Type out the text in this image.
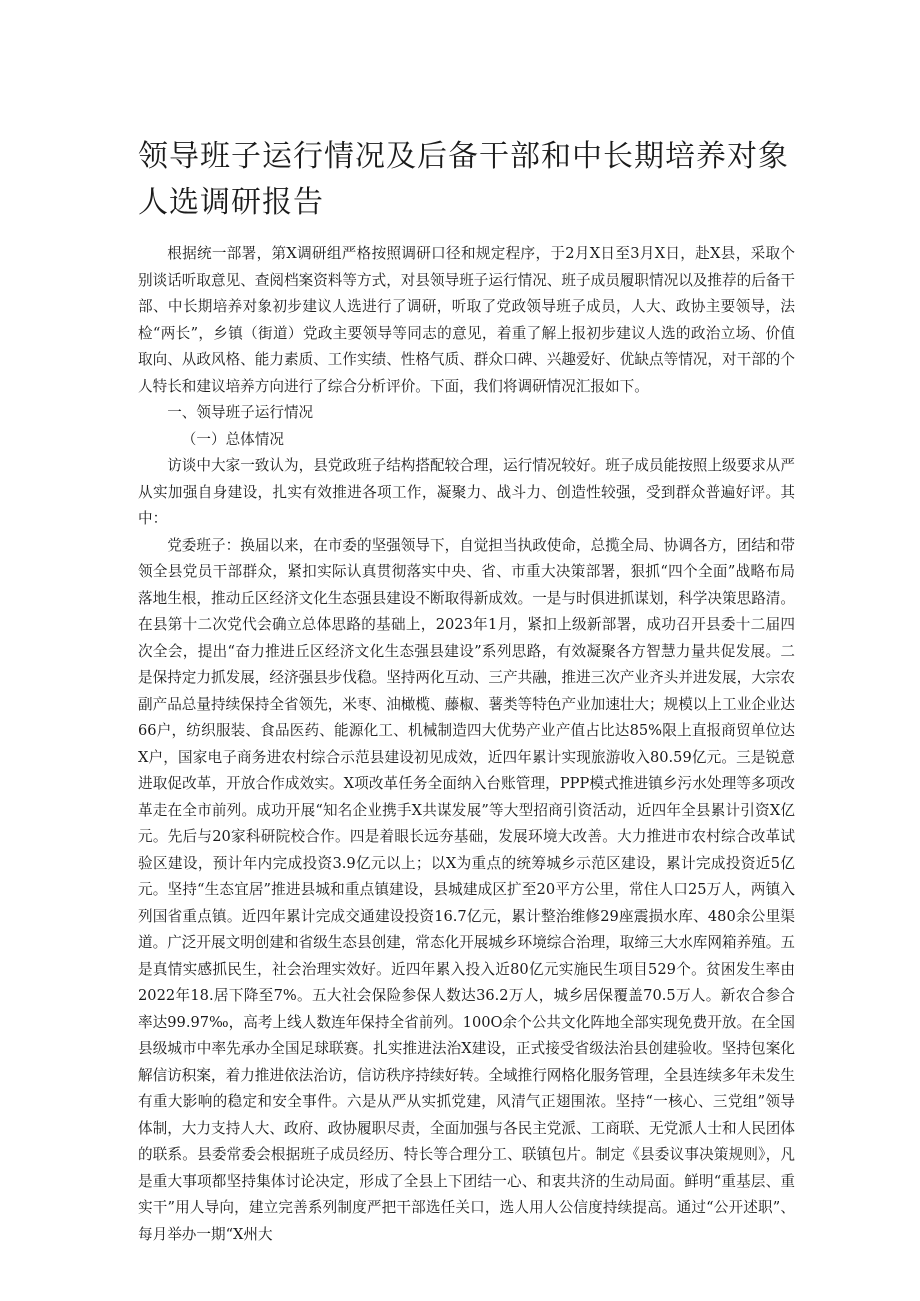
领导班子运行情况及后备干部和中长期培养对象人选调研报告

根据统一部署，第X调研组严格按照调研口径和规定程序，于2月X日至3月X日，赴X县，采取个别谈话听取意见、查阅档案资料等方式，对县领导班子运行情况、班子成员履职情况以及推荐的后备干部、中长期培养对象初步建议人选进行了调研，听取了党政领导班子成员，人大、政协主要领导，法检“两长”，乡镇（街道）党政主要领导等同志的意见，着重了解上报初步建议人选的政治立场、价值取向、从政风格、能力素质、工作实绩、性格气质、群众口碑、兴趣爱好、优缺点等情况，对干部的个人特长和建议培养方向进行了综合分析评价。下面，我们将调研情况汇报如下。

一、领导班子运行情况

（一）总体情况

访谈中大家一致认为，县党政班子结构搭配较合理，运行情况较好。班子成员能按照上级要求从严从实加强自身建设，扎实有效推进各项工作，凝聚力、战斗力、创造性较强，受到群众普遍好评。其中：

党委班子：换届以来，在市委的坚强领导下，自觉担当执政使命，总揽全局、协调各方，团结和带领全县党员干部群众，紧扣实际认真贯彻落实中央、省、市重大决策部署，狠抓“四个全面”战略布局落地生根，推动丘区经济文化生态强县建设不断取得新成效。一是与时俱进抓谋划，科学决策思路清。在县第十二次党代会确立总体思路的基础上，2023年1月，紧扣上级新部署，成功召开县委十二届四次全会，提出“奋力推进丘区经济文化生态强县建设”系列思路，有效凝聚各方智慧力量共促发展。二是保持定力抓发展，经济强县步伐稳。坚持两化互动、三产共融，推进三次产业齐头并进发展，大宗农副产品总量持续保持全省领先，米枣、油橄榄、藤椒、薯类等特色产业加速壮大；规模以上工业企业达66户，纺织服装、食品医药、能源化工、机械制造四大优势产业产值占比达85%限上直报商贸单位达X户，国家电子商务进农村综合示范县建设初见成效，近四年累计实现旅游收入80.59亿元。三是锐意进取促改革，开放合作成效实。X项改革任务全面纳入台账管理，PPP模式推进镇乡污水处理等多项改革走在全市前列。成功开展“知名企业携手X共谋发展”等大型招商引资活动，近四年全县累计引资X亿元。先后与20家科研院校合作。四是着眼长远夯基础，发展环境大改善。大力推进市农村综合改革试验区建设，预计年内完成投资3.9亿元以上；以X为重点的统筹城乡示范区建设，累计完成投资近5亿元。坚持“生态宜居”推进县城和重点镇建设，县城建成区扩至20平方公里，常住人口25万人，两镇入列国省重点镇。近四年累计完成交通建设投资16.7亿元，累计整治维修29座震损水库、480余公里渠道。广泛开展文明创建和省级生态县创建，常态化开展城乡环境综合治理，取缔三大水库网箱养殖。五是真情实感抓民生，社会治理实效好。近四年累入投入近80亿元实施民生项目529个。贫困发生率由2022年18.居下降至7%。五大社会保险参保人数达36.2万人，城乡居保覆盖70.5万人。新农合参合率达99.97‰，高考上线人数连年保持全省前列。100O余个公共文化阵地全部实现免费开放。在全国县级城市中率先承办全国足球联赛。扎实推进法治X建设，正式接受省级法治县创建验收。坚持包案化解信访积案，着力推进依法治访，信访秩序持续好转。全域推行网格化服务管理，全县连续多年未发生有重大影响的稳定和安全事件。六是从严从实抓党建，风清气正翅围浓。坚持“一核心、三党组”领导体制，大力支持人大、政府、政协履职尽责，全面加强与各民主党派、工商联、无党派人士和人民团体的联系。县委常委会根据班子成员经历、特长等合理分工、联镇包片。制定《县委议事决策规则》，凡是重大事项都坚持集体讨论决定，形成了全县上下团结一心、和衷共济的生动局面。鲜明“重基层、重实干”用人导向，建立完善系列制度严把干部选任关口，选人用人公信度持续提高。通过“公开述职”、每月举办一期“X州大
